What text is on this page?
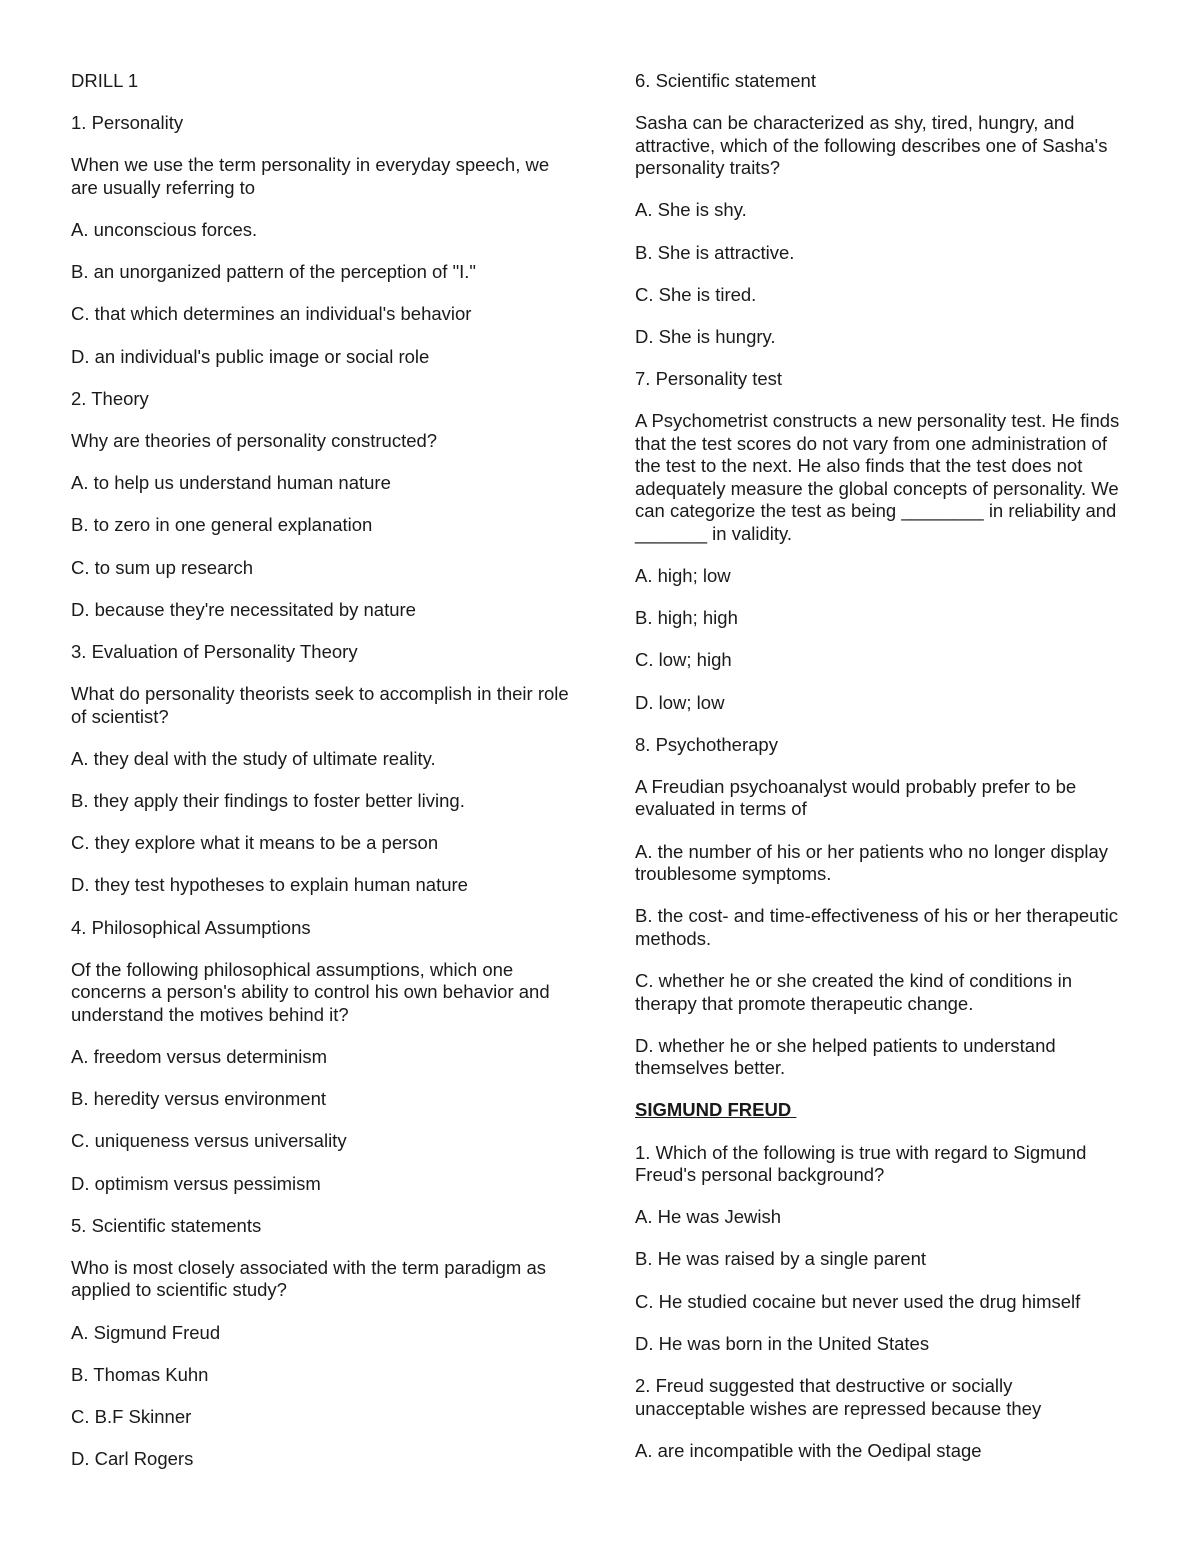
DRILL 1

1. Personality

When we use the term personality in everyday speech, we are usually referring to

A. unconscious forces.

B. an unorganized pattern of the perception of "I."

C. that which determines an individual's behavior

D. an individual's public image or social role

2. Theory

Why are theories of personality constructed?

A. to help us understand human nature

B. to zero in one general explanation

C. to sum up research

D. because they're necessitated by nature

3. Evaluation of Personality Theory

What do personality theorists seek to accomplish in their role of scientist?

A. they deal with the study of ultimate reality.

B. they apply their findings to foster better living.

C. they explore what it means to be a person

D. they test hypotheses to explain human nature

4. Philosophical Assumptions

Of the following philosophical assumptions, which one concerns a person's ability to control his own behavior and understand the motives behind it?

A. freedom versus determinism

B. heredity versus environment

C. uniqueness versus universality

D. optimism versus pessimism

5. Scientific statements

Who is most closely associated with the term paradigm as applied to scientific study?

A. Sigmund Freud

B. Thomas Kuhn

C. B.F Skinner

D. Carl Rogers

6. Scientific statement

Sasha can be characterized as shy, tired, hungry, and attractive, which of the following describes one of Sasha's personality traits?

A. She is shy.

B. She is attractive.

C. She is tired.

D. She is hungry.

7. Personality test

A Psychometrist constructs a new personality test. He finds that the test scores do not vary from one administration of the test to the next. He also finds that the test does not adequately measure the global concepts of personality. We can categorize the test as being ________ in reliability and _______ in validity.

A. high; low

B. high; high

C. low; high

D. low; low

8. Psychotherapy

A Freudian psychoanalyst would probably prefer to be evaluated in terms of

A. the number of his or her patients who no longer display troublesome symptoms.

B. the cost- and time-effectiveness of his or her therapeutic methods.

C. whether he or she created the kind of conditions in therapy that promote therapeutic change.

D. whether he or she helped patients to understand themselves better.

SIGMUND FREUD

1. Which of the following is true with regard to Sigmund Freud's personal background?

A. He was Jewish

B. He was raised by a single parent

C. He studied cocaine but never used the drug himself

D. He was born in the United States

2. Freud suggested that destructive or socially unacceptable wishes are repressed because they

A. are incompatible with the Oedipal stage
